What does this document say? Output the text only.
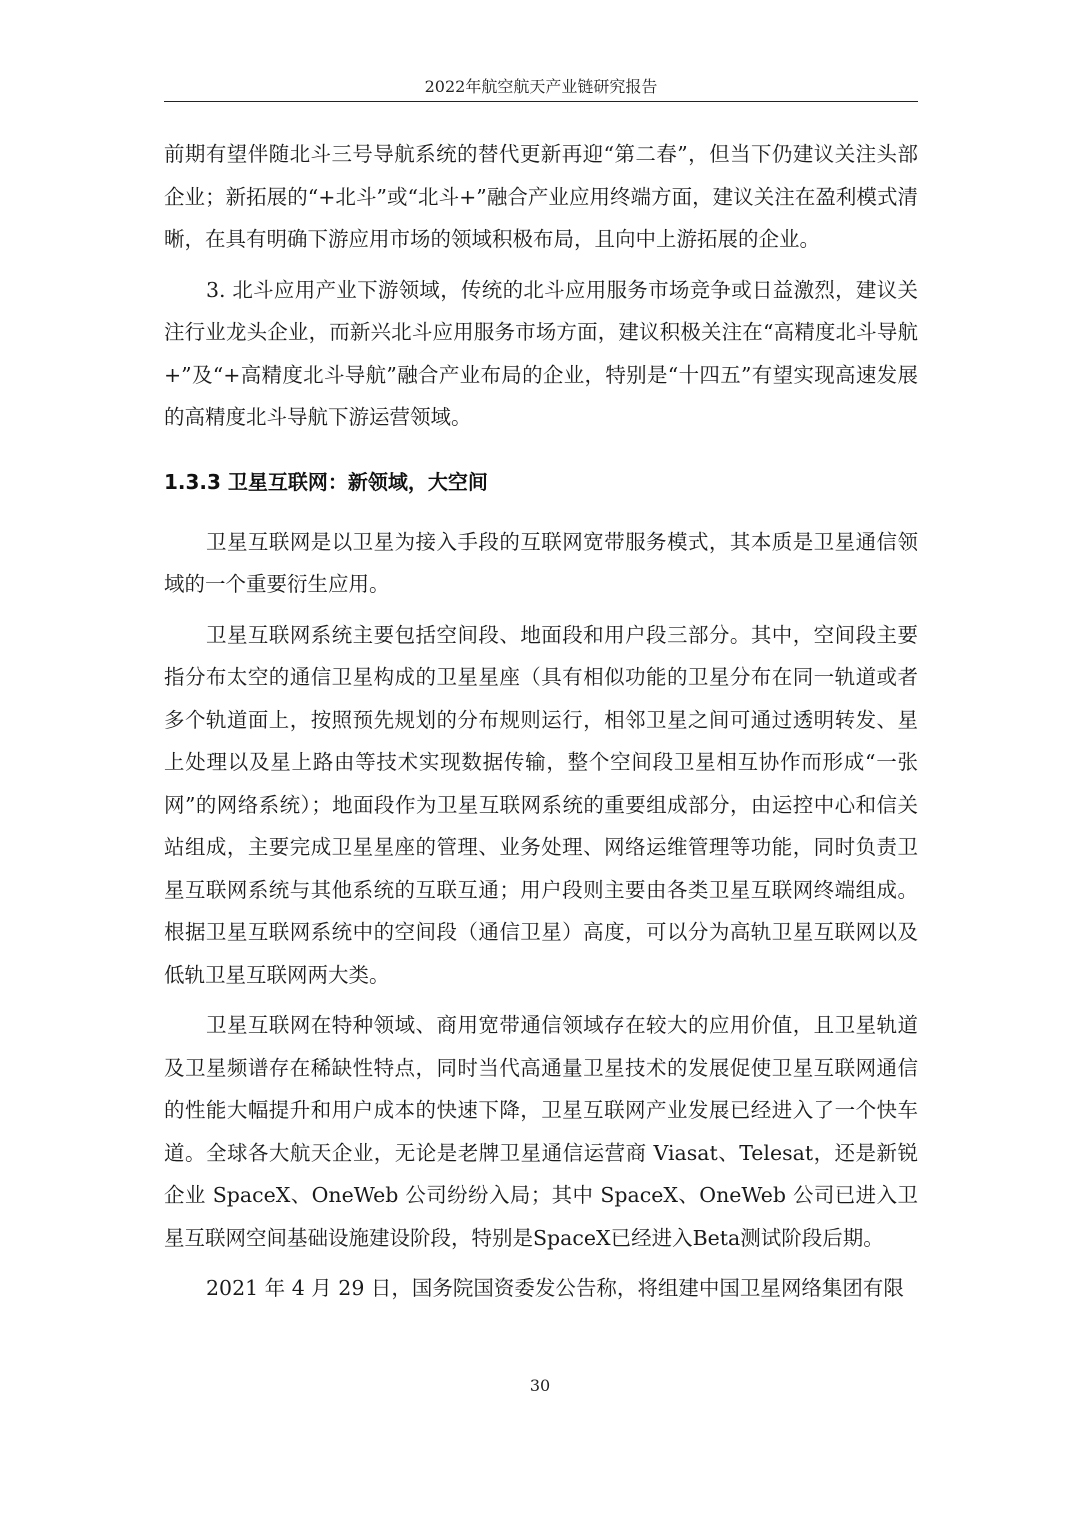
2022年航空航天产业链研究报告

前期有望伴随北斗三号导航系统的替代更新再迎“第二春”，但当下仍建议关注头部企业；新拓展的“+北斗”或“北斗+”融合产业应用终端方面，建议关注在盈利模式清晰，在具有明确下游应用市场的领域积极布局，且向中上游拓展的企业。

3. 北斗应用产业下游领域，传统的北斗应用服务市场竞争或日益激烈，建议关注行业龙头企业，而新兴北斗应用服务市场方面，建议积极关注在“高精度北斗导航+”及“+高精度北斗导航”融合产业布局的企业，特别是“十四五”有望实现高速发展的高精度北斗导航下游运营领域。

1.3.3 卫星互联网：新领域，大空间

卫星互联网是以卫星为接入手段的互联网宽带服务模式，其本质是卫星通信领域的一个重要衍生应用。

卫星互联网系统主要包括空间段、地面段和用户段三部分。其中，空间段主要指分布太空的通信卫星构成的卫星星座（具有相似功能的卫星分布在同一轨道或者多个轨道面上，按照预先规划的分布规则运行，相邻卫星之间可通过透明转发、星上处理以及星上路由等技术实现数据传输，整个空间段卫星相互协作而形成“一张网”的网络系统）；地面段作为卫星互联网系统的重要组成部分，由运控中心和信关站组成，主要完成卫星星座的管理、业务处理、网络运维管理等功能，同时负责卫星互联网系统与其他系统的互联互通；用户段则主要由各类卫星互联网终端组成。根据卫星互联网系统中的空间段（通信卫星）高度，可以分为高轨卫星互联网以及低轨卫星互联网两大类。

卫星互联网在特种领域、商用宽带通信领域存在较大的应用价值，且卫星轨道及卫星频谱存在稀缺性特点，同时当代高通量卫星技术的发展促使卫星互联网通信的性能大幅提升和用户成本的快速下降，卫星互联网产业发展已经进入了一个快车道。全球各大航天企业，无论是老牌卫星通信运营商 Viasat、Telesat，还是新锐企业 SpaceX、OneWeb 公司纷纷入局；其中 SpaceX、OneWeb 公司已进入卫星互联网空间基础设施建设阶段，特别是SpaceX已经进入Beta测试阶段后期。

2021 年 4 月 29 日，国务院国资委发公告称，将组建中国卫星网络集团有限

30
